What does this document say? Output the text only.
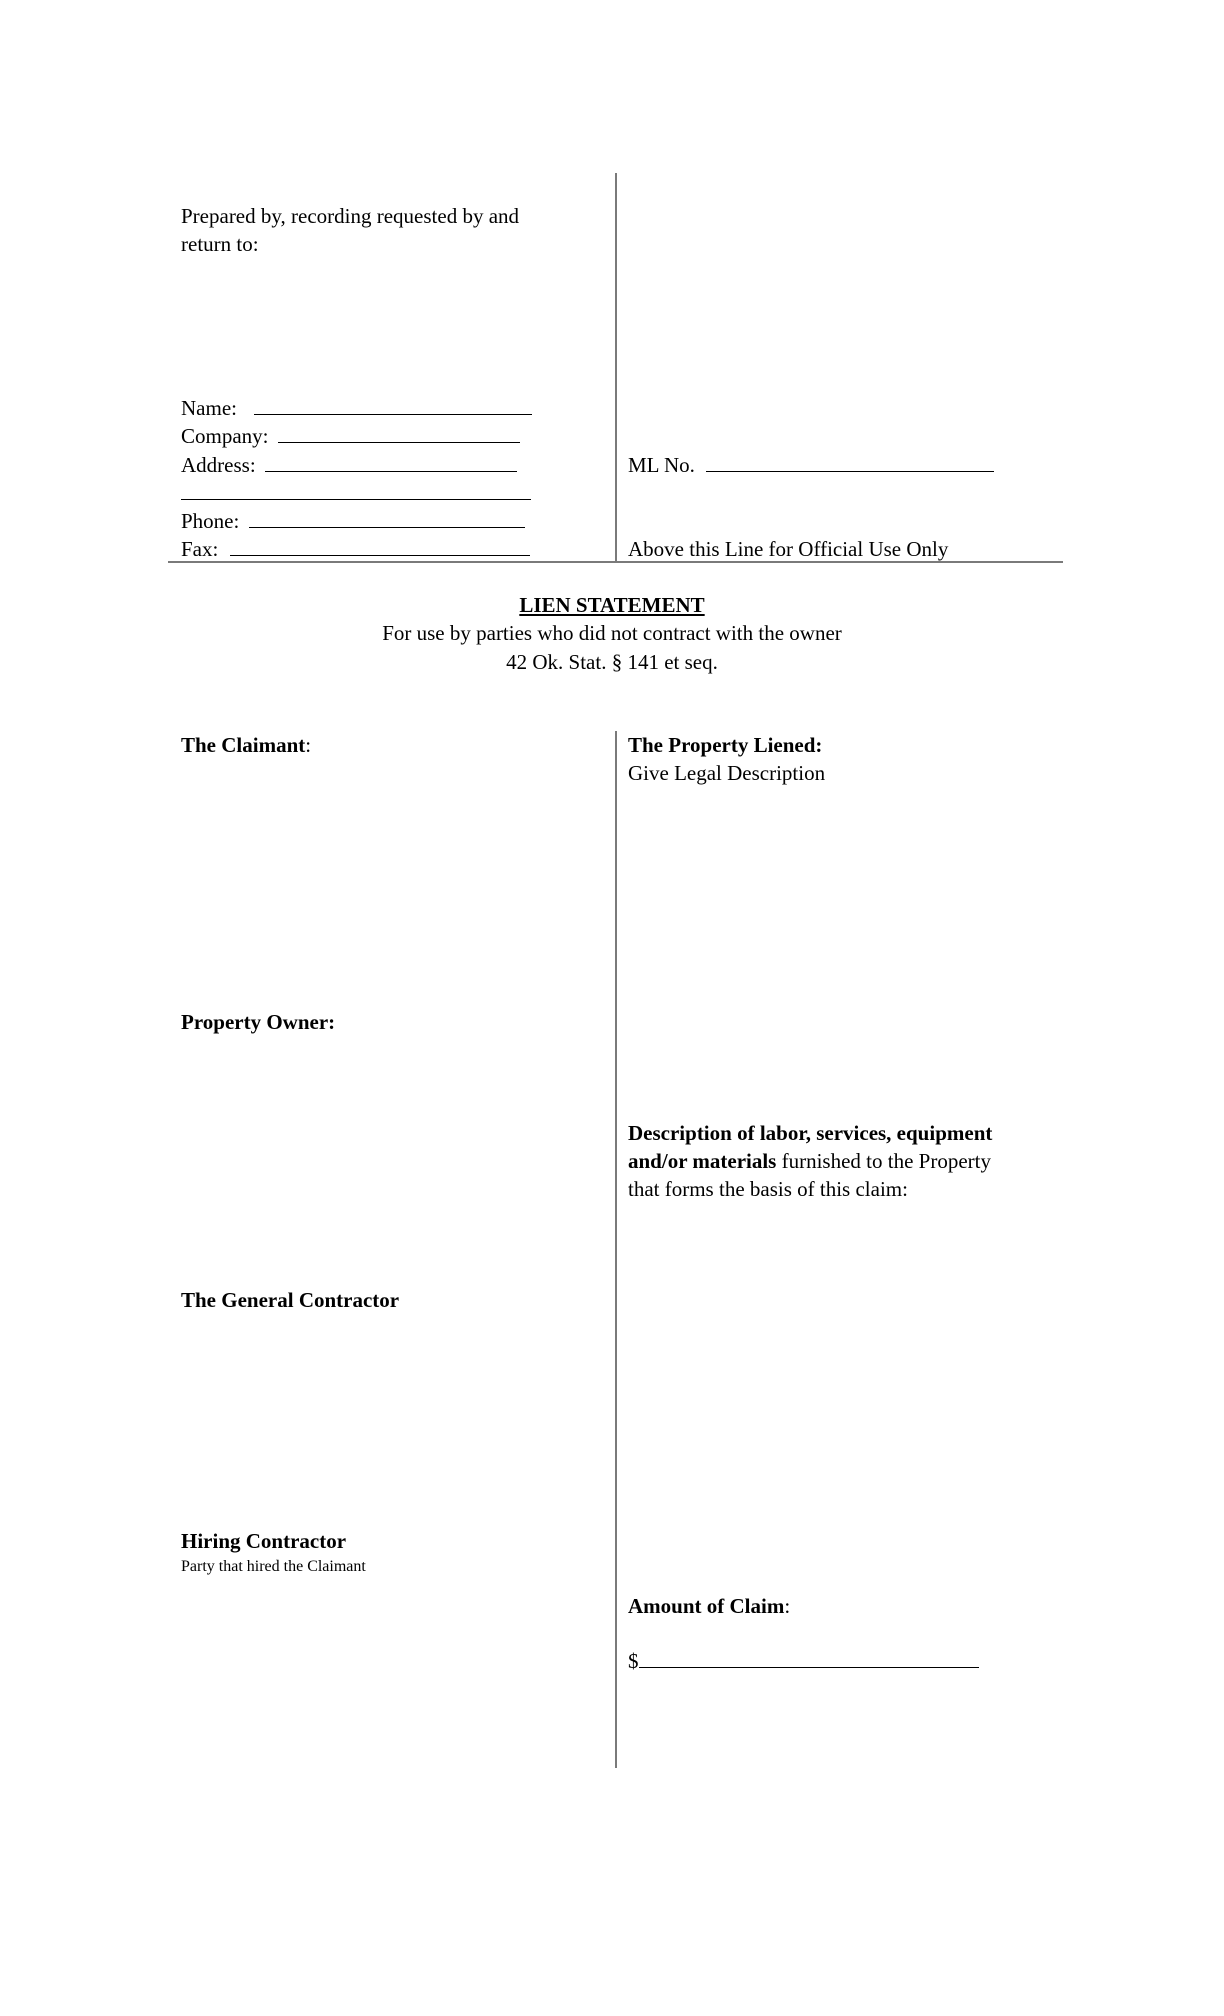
Prepared by, recording requested by and
return to:
Name:
Company:
Address:
Phone:
Fax:
ML No.
Above this Line for Official Use Only
LIEN STATEMENT
For use by parties who did not contract with the owner
42 Ok. Stat. § 141 et seq.
The Claimant:
Property Owner:
The General Contractor
Hiring Contractor
Party that hired the Claimant
The Property Liened:
Give Legal Description
Description of labor, services, equipment
and/or materials furnished to the Property
that forms the basis of this claim:
Amount of Claim:
$
